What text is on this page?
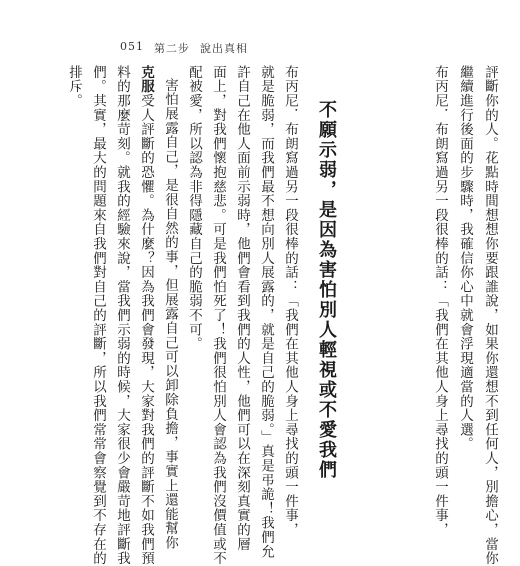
051 第二步 說出真相
評斷你的人。花點時間想想你要跟誰說，如果你還想不到任何人，別擔心，當你
繼續進行後面的步驟時，我確信你心中就會浮現適當的人選。
布丙尼．布朗寫過另一段很棒的話：「我們在其他人身上尋找的頭一件事，
不願示弱，是因為害怕別人輕視或不愛我們
布丙尼．布朗寫過另一段很棒的話：「我們在其他人身上尋找的頭一件事，
就是脆弱，而我們最不想向別人展露的，就是自己的脆弱。」真是弔詭！我們允
許自己在他人面前示弱時，他們會看到我們的人性，他們可以在深刻真實的層
面上，對我們懷抱慈悲。可是我們怕死了！我們很怕別人會認為我們沒價值或不
配被愛，所以認為非得隱藏自己的脆弱不可。
害怕展露自己，是很自然的事，但展露自己可以卸除負擔，事實上還能幫你
克服受人評斷的恐懼。為什麼？因為我們會發現，大家對我們的評斷不如我們預
料的那麼苛刻。就我的經驗來說，當我們示弱的時候，大家很少會嚴苛地評斷我
們。其實，最大的問題來自我們對自己的評斷，所以我們常常會察覺到不存在的
排斥。
